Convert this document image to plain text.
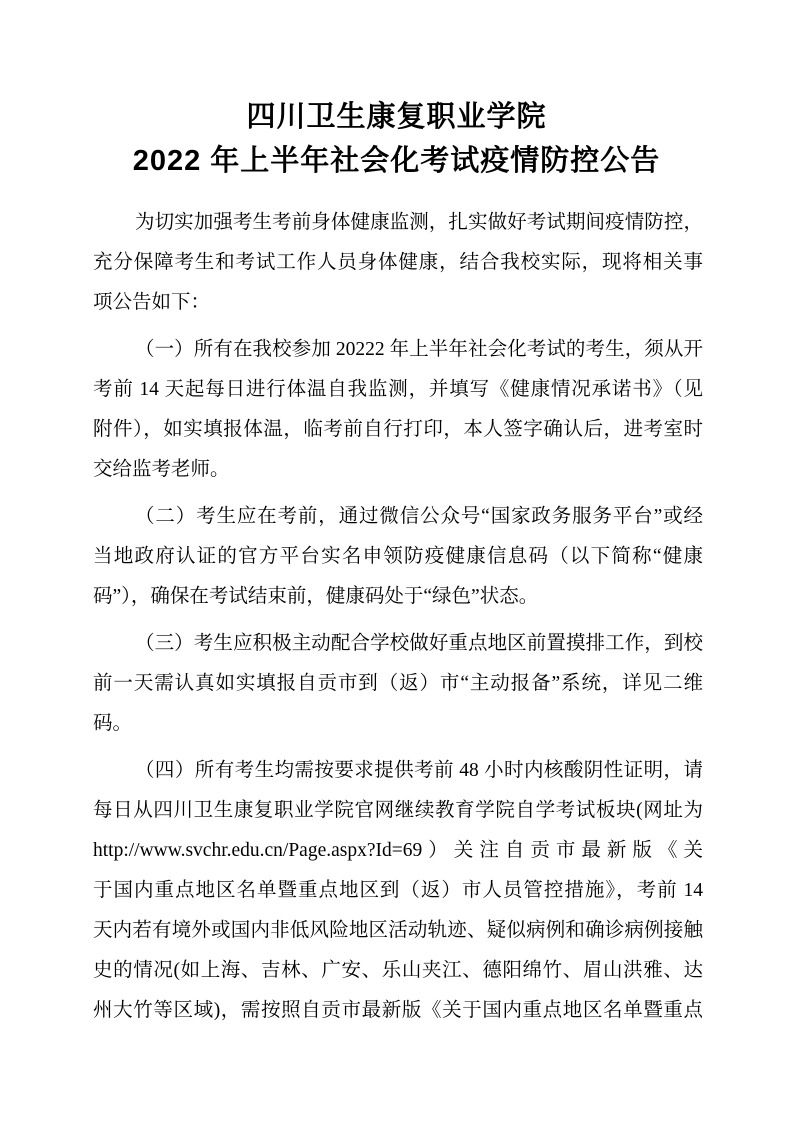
四川卫生康复职业学院
2022 年上半年社会化考试疫情防控公告
为切实加强考生考前身体健康监测，扎实做好考试期间疫情防控，
充分保障考生和考试工作人员身体健康，结合我校实际，现将相关事
项公告如下：
（一）所有在我校参加 20222 年上半年社会化考试的考生，须从开
考前 14 天起每日进行体温自我监测，并填写《健康情况承诺书》（见
附件），如实填报体温，临考前自行打印，本人签字确认后，进考室时
交给监考老师。
（二）考生应在考前，通过微信公众号“国家政务服务平台”或经
当地政府认证的官方平台实名申领防疫健康信息码（以下简称“健康
码”），确保在考试结束前，健康码处于“绿色”状态。
（三）考生应积极主动配合学校做好重点地区前置摸排工作，到校
前一天需认真如实填报自贡市到（返）市“主动报备”系统，详见二维
码。
（四）所有考生均需按要求提供考前 48 小时内核酸阴性证明，请
每日从四川卫生康复职业学院官网继续教育学院自学考试板块(网址为
http://www.svchr.edu.cn/Page.aspx?Id=69）关注自贡市最新版《关
于国内重点地区名单暨重点地区到（返）市人员管控措施》，考前 14
天内若有境外或国内非低风险地区活动轨迹、疑似病例和确诊病例接触
史的情况(如上海、吉林、广安、乐山夹江、德阳绵竹、眉山洪雅、达
州大竹等区域)，需按照自贡市最新版《关于国内重点地区名单暨重点
